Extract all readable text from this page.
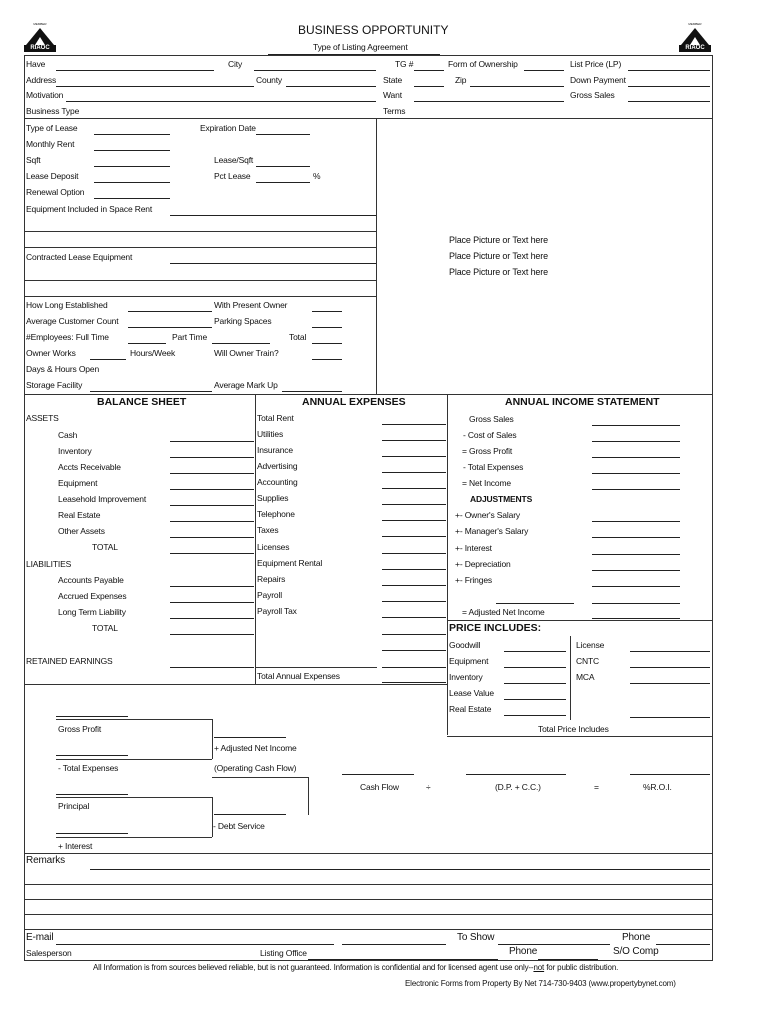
MEMBER
RIAOC
MEMBER
RIAOC
BUSINESS OPPORTUNITY
Type of Listing Agreement
Have	City	TG #	Form of Ownership	List Price (LP)
Address	County	State	Zip	Down Payment
Motivation	Want	Gross Sales
Business Type	Terms
Type of Lease	Expiration Date
Monthly Rent
Sqft	Lease/Sqft
Lease Deposit	Pct Lease	%
Renewal Option
Equipment Included in Space Rent
Contracted Lease Equipment
Place Picture or Text here
Place Picture or Text here
Place Picture or Text here
How Long Established	With Present Owner
Average Customer Count	Parking Spaces
#Employees: Full Time	Part Time	Total
Owner Works	Hours/Week	Will Owner Train?
Days & Hours Open
Storage Facility	Average Mark Up
BALANCE SHEET
ASSETS
Cash
Inventory
Accts Receivable
Equipment
Leasehold Improvement
Real Estate
Other Assets
TOTAL
LIABILITIES
Accounts Payable
Accrued Expenses
Long Term Liability
TOTAL
RETAINED EARNINGS
ANNUAL EXPENSES
Total Rent
Utilities
Insurance
Advertising
Accounting
Supplies
Telephone
Taxes
Licenses
Equipment Rental
Repairs
Payroll
Payroll Tax
Total Annual Expenses
ANNUAL INCOME STATEMENT
Gross Sales
- Cost of Sales
= Gross Profit
- Total Expenses
= Net Income
ADJUSTMENTS
+- Owner's Salary
+- Manager's Salary
+- Interest
+- Depreciation
+- Fringes
= Adjusted Net Income
PRICE INCLUDES:
Goodwill
Equipment
Inventory
Lease Value
Real Estate
License
CNTC
MCA
Total Price Includes
Gross Profit
+ Adjusted Net Income
- Total Expenses	(Operating Cash Flow)
Cash Flow	÷	(D.P. + C.C.)	=	%R.O.I.
Principal
- Debt Service
+ Interest
Remarks
E-mail	To Show	Phone
Salesperson	Listing Office	Phone	S/O Comp
All Information is from sources believed reliable, but is not guaranteed. Information is confidential and for licensed agent use only--not for public distribution.
Electronic Forms from Property By Net 714-730-9403 (www.propertybynet.com)
